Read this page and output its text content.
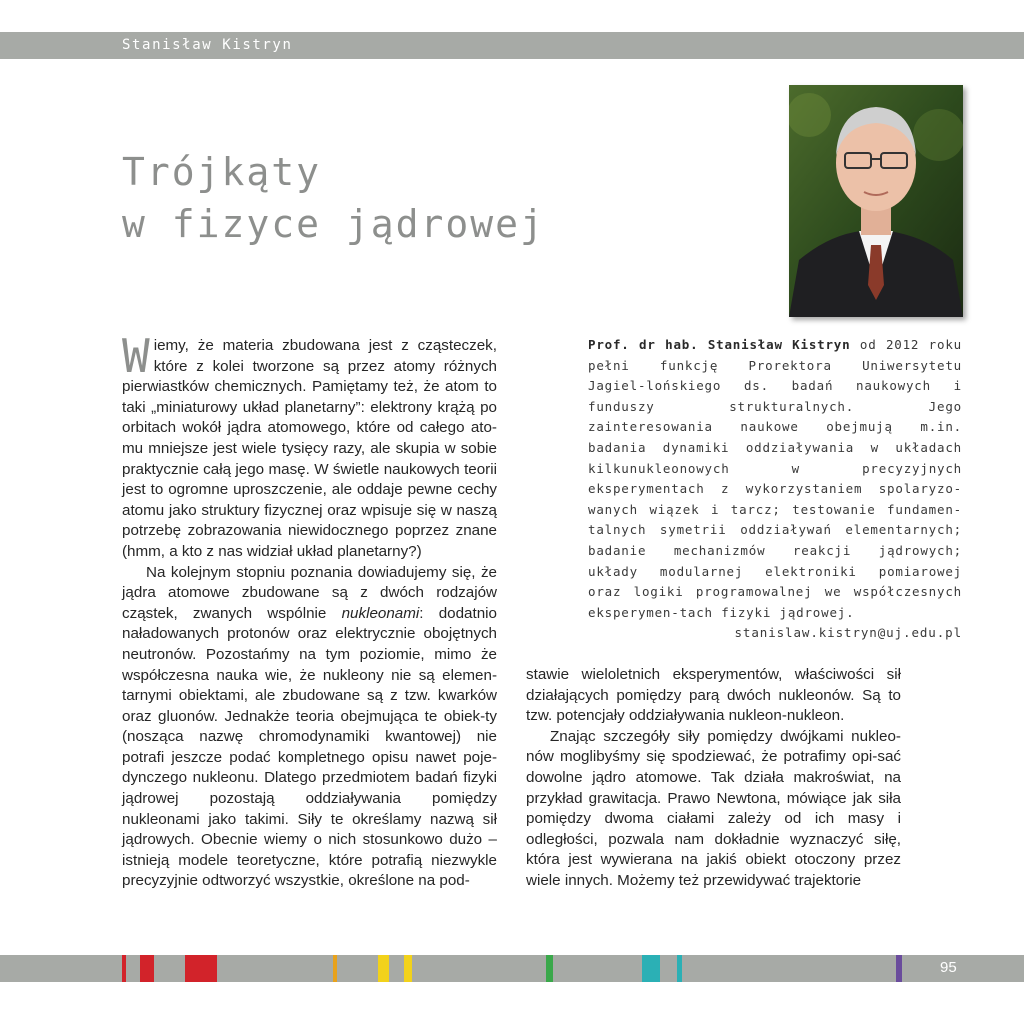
Stanisław Kistryn
Trójkąty
w fizyce jądrowej

Prof. dr hab. Stanisław Kistryn od 2012 roku pełni funkcję Prorektora Uniwersytetu Jagiel-lońskiego ds. badań naukowych i funduszy strukturalnych. Jego zainteresowania naukowe obejmują m.in. badania dynamiki oddziaływania w układach kilkunukleonowych w precyzyjnych eksperymentach z wykorzystaniem spolaryzo-wanych wiązek i tarcz; testowanie fundamen-talnych symetrii oddziaływań elementarnych; badanie mechanizmów reakcji jądrowych; układy modularnej elektroniki pomiarowej oraz logiki programowalnej we współczesnych eksperymen-tach fizyki jądrowej.

stanislaw.kistryn@uj.edu.pl

Wiemy, że materia zbudowana jest z cząsteczek, które z kolei tworzone są przez atomy różnych pierwiastków chemicznych. Pamiętamy też, że atom to taki „miniaturowy układ planetarny”: elektrony krążą po orbitach wokół jądra atomowego, które od całego ato-mu mniejsze jest wiele tysięcy razy, ale skupia w sobie praktycznie całą jego masę. W świetle naukowych teorii jest to ogromne uproszczenie, ale oddaje pewne cechy atomu jako struktury fizycznej oraz wpisuje się w naszą potrzebę zobrazowania niewidocznego poprzez znane (hmm, a kto z nas widział układ planetarny?)

Na kolejnym stopniu poznania dowiadujemy się, że jądra atomowe zbudowane są z dwóch rodzajów cząstek, zwanych wspólnie nukleonami: dodatnio naładowanych protonów oraz elektrycznie obojętnych neutronów. Pozostańmy na tym poziomie, mimo że współczesna nauka wie, że nukleony nie są elemen-tarnymi obiektami, ale zbudowane są z tzw. kwarków oraz gluonów. Jednakże teoria obejmująca te obiek-ty (nosząca nazwę chromodynamiki kwantowej) nie potrafi jeszcze podać kompletnego opisu nawet poje-dynczego nukleonu. Dlatego przedmiotem badań fizyki jądrowej pozostają oddziaływania pomiędzy nukleonami jako takimi. Siły te określamy nazwą sił jądrowych. Obecnie wiemy o nich stosunkowo dużo – istnieją modele teoretyczne, które potrafią niezwykle precyzyjnie odtworzyć wszystkie, określone na pod-

stawie wieloletnich eksperymentów, właściwości sił działających pomiędzy parą dwóch nukleonów. Są to tzw. potencjały oddziaływania nukleon-nukleon.

Znając szczegóły siły pomiędzy dwójkami nukleo-nów moglibyśmy się spodziewać, że potrafimy opi-sać dowolne jądro atomowe. Tak działa makroświat, na przykład grawitacja. Prawo Newtona, mówiące jak siła pomiędzy dwoma ciałami zależy od ich masy i odległości, pozwala nam dokładnie wyznaczyć siłę, która jest wywierana na jakiś obiekt otoczony przez wiele innych. Możemy też przewidywać trajektorie

95
